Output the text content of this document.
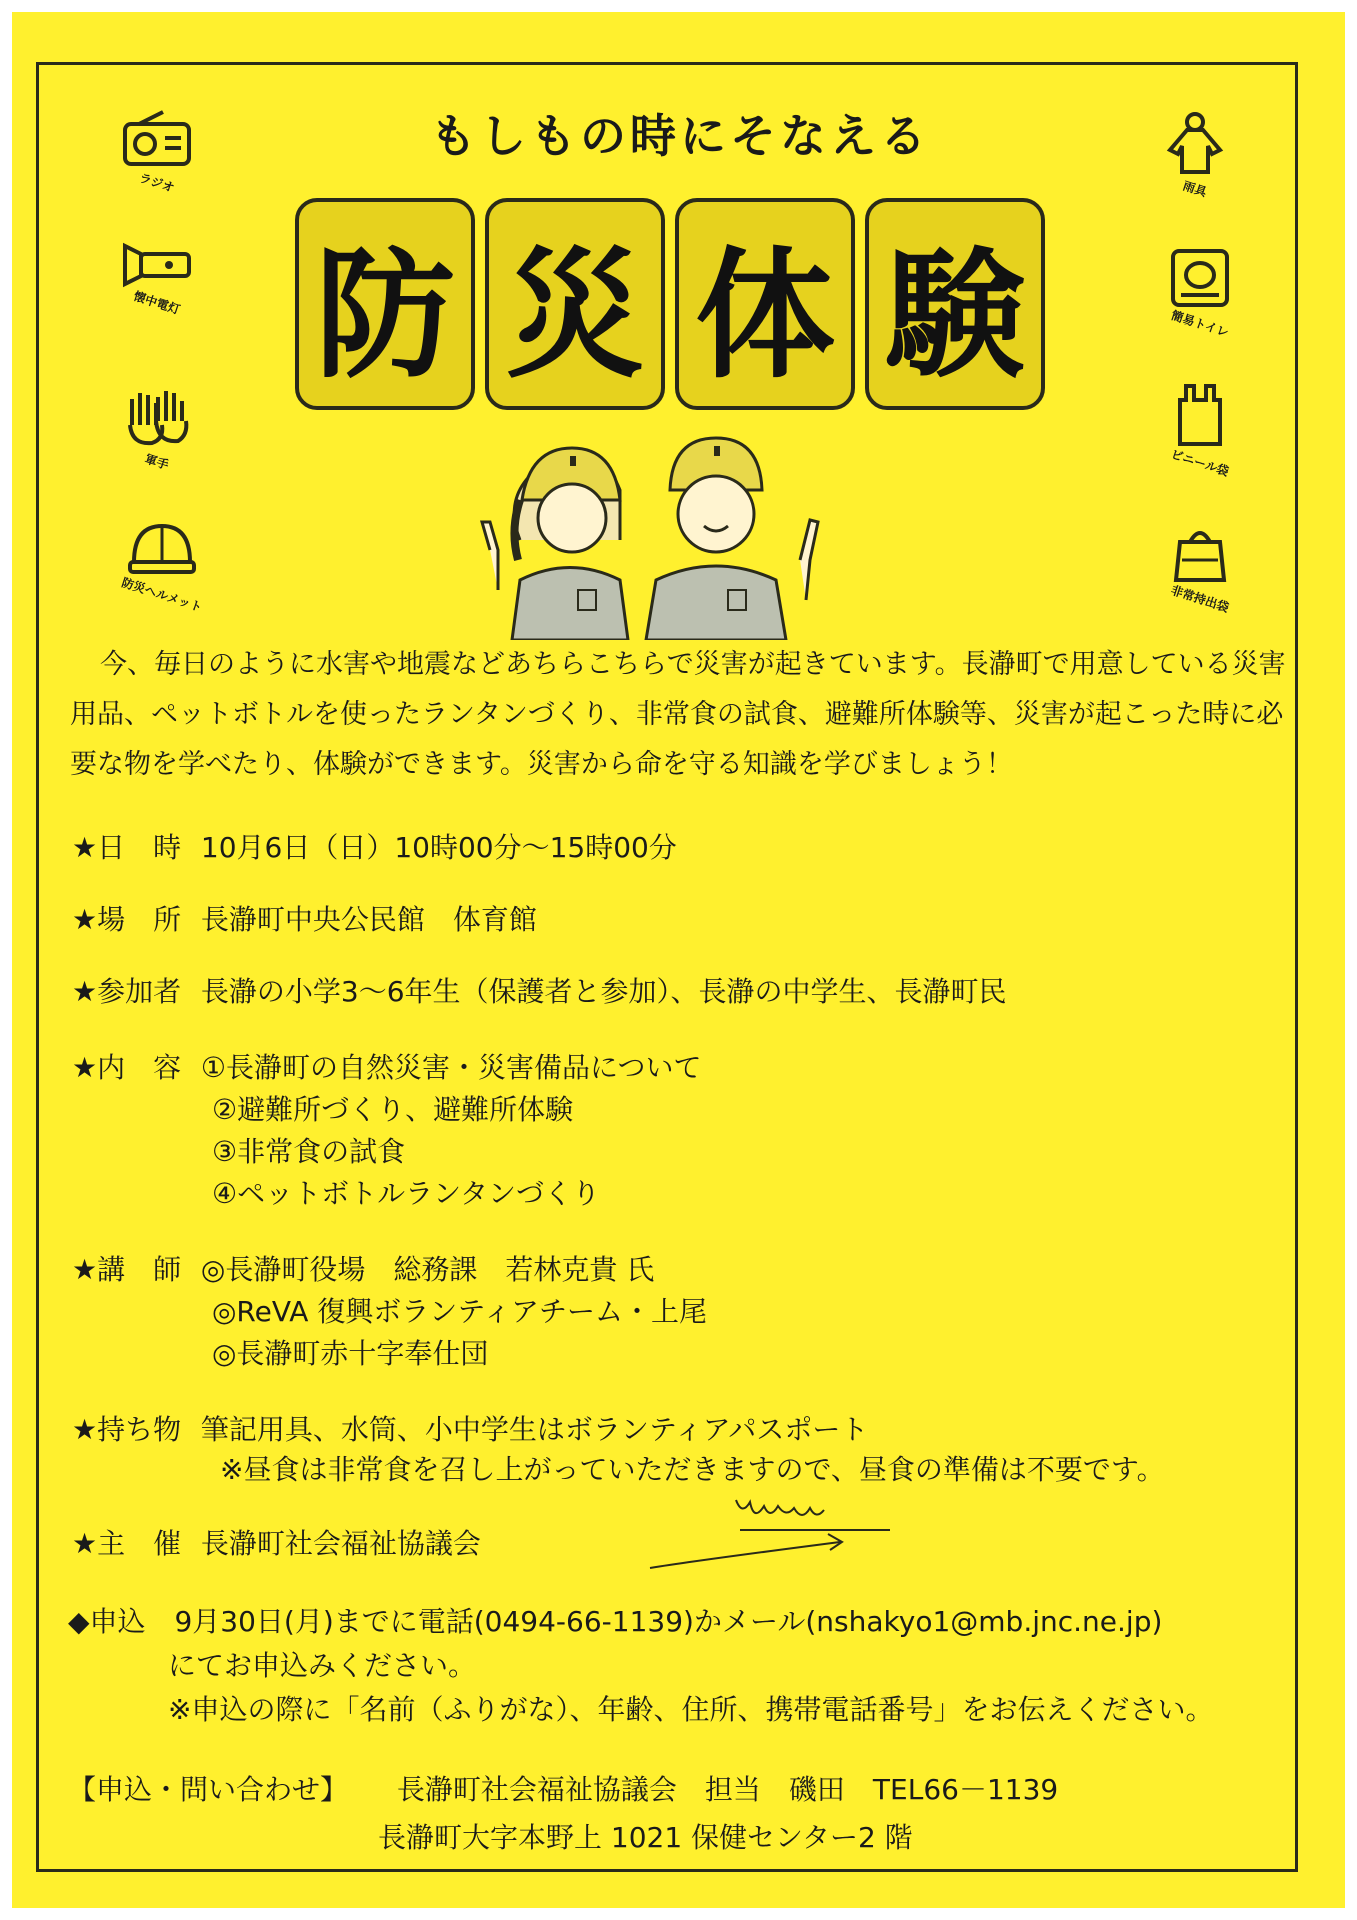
もしもの時にそなえる
防 災 体 験
ラジオ
懐中電灯
軍手
防災ヘルメット
雨具
簡易トイレ
ビニール袋
非常持出袋
今、毎日のように水害や地震などあちらこちらで災害が起きています。長瀞町で用意している災害用品、ペットボトルを使ったランタンづくり、非常食の試食、避難所体験等、災害が起こった時に必要な物を学べたり、体験ができます。災害から命を守る知識を学びましょう！
★日　時 10月6日（日）10時00分～15時00分
★場　所 長瀞町中央公民館　体育館
★参加者 長瀞の小学3～6年生（保護者と参加）、長瀞の中学生、長瀞町民
★内　容 ①長瀞町の自然災害・災害備品について
②避難所づくり、避難所体験
③非常食の試食
④ペットボトルランタンづくり
★講　師 ◎長瀞町役場　総務課　若林克貴 氏
◎ReVA 復興ボランティアチーム・上尾
◎長瀞町赤十字奉仕団
★持ち物 筆記用具、水筒、小中学生はボランティアパスポート
※昼食は非常食を召し上がっていただきますので、昼食の準備は不要です。
★主　催 長瀞町社会福祉協議会
◆申込 9月30日(月)までに電話(0494-66-1139)かメール(nshakyo1@mb.jnc.ne.jp)
にてお申込みください。
※申込の際に「名前（ふりがな）、年齢、住所、携帯電話番号」をお伝えください。
【申込・問い合わせ】 長瀞町社会福祉協議会　担当　磯田　TEL66－1139
長瀞町大字本野上 1021 保健センター2 階
